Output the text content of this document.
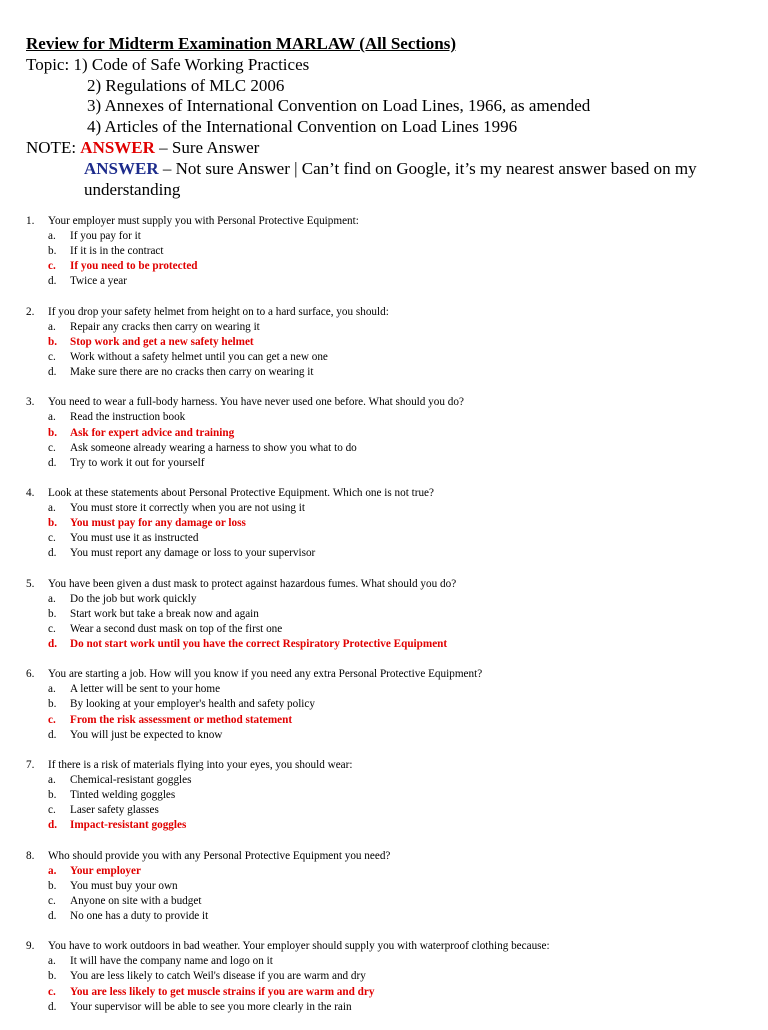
Review for Midterm Examination MARLAW (All Sections)
Topic: 1) Code of Safe Working Practices
2) Regulations of MLC 2006
3) Annexes of International Convention on Load Lines, 1966, as amended
4) Articles of the International Convention on Load Lines 1996
NOTE: ANSWER – Sure Answer
ANSWER – Not sure Answer | Can’t find on Google, it’s my nearest answer based on my understanding
1. Your employer must supply you with Personal Protective Equipment:
a. If you pay for it
b. If it is in the contract
c. If you need to be protected
d. Twice a year
2. If you drop your safety helmet from height on to a hard surface, you should:
a. Repair any cracks then carry on wearing it
b. Stop work and get a new safety helmet
c. Work without a safety helmet until you can get a new one
d. Make sure there are no cracks then carry on wearing it
3. You need to wear a full-body harness. You have never used one before. What should you do?
a. Read the instruction book
b. Ask for expert advice and training
c. Ask someone already wearing a harness to show you what to do
d. Try to work it out for yourself
4. Look at these statements about Personal Protective Equipment. Which one is not true?
a. You must store it correctly when you are not using it
b. You must pay for any damage or loss
c. You must use it as instructed
d. You must report any damage or loss to your supervisor
5. You have been given a dust mask to protect against hazardous fumes. What should you do?
a. Do the job but work quickly
b. Start work but take a break now and again
c. Wear a second dust mask on top of the first one
d. Do not start work until you have the correct Respiratory Protective Equipment
6. You are starting a job. How will you know if you need any extra Personal Protective Equipment?
a. A letter will be sent to your home
b. By looking at your employer's health and safety policy
c. From the risk assessment or method statement
d. You will just be expected to know
7. If there is a risk of materials flying into your eyes, you should wear:
a. Chemical-resistant goggles
b. Tinted welding goggles
c. Laser safety glasses
d. Impact-resistant goggles
8. Who should provide you with any Personal Protective Equipment you need?
a. Your employer
b. You must buy your own
c. Anyone on site with a budget
d. No one has a duty to provide it
9. You have to work outdoors in bad weather. Your employer should supply you with waterproof clothing because:
a. It will have the company name and logo on it
b. You are less likely to catch Weil's disease if you are warm and dry
c. You are less likely to get muscle strains if you are warm and dry
d. Your supervisor will be able to see you more clearly in the rain
